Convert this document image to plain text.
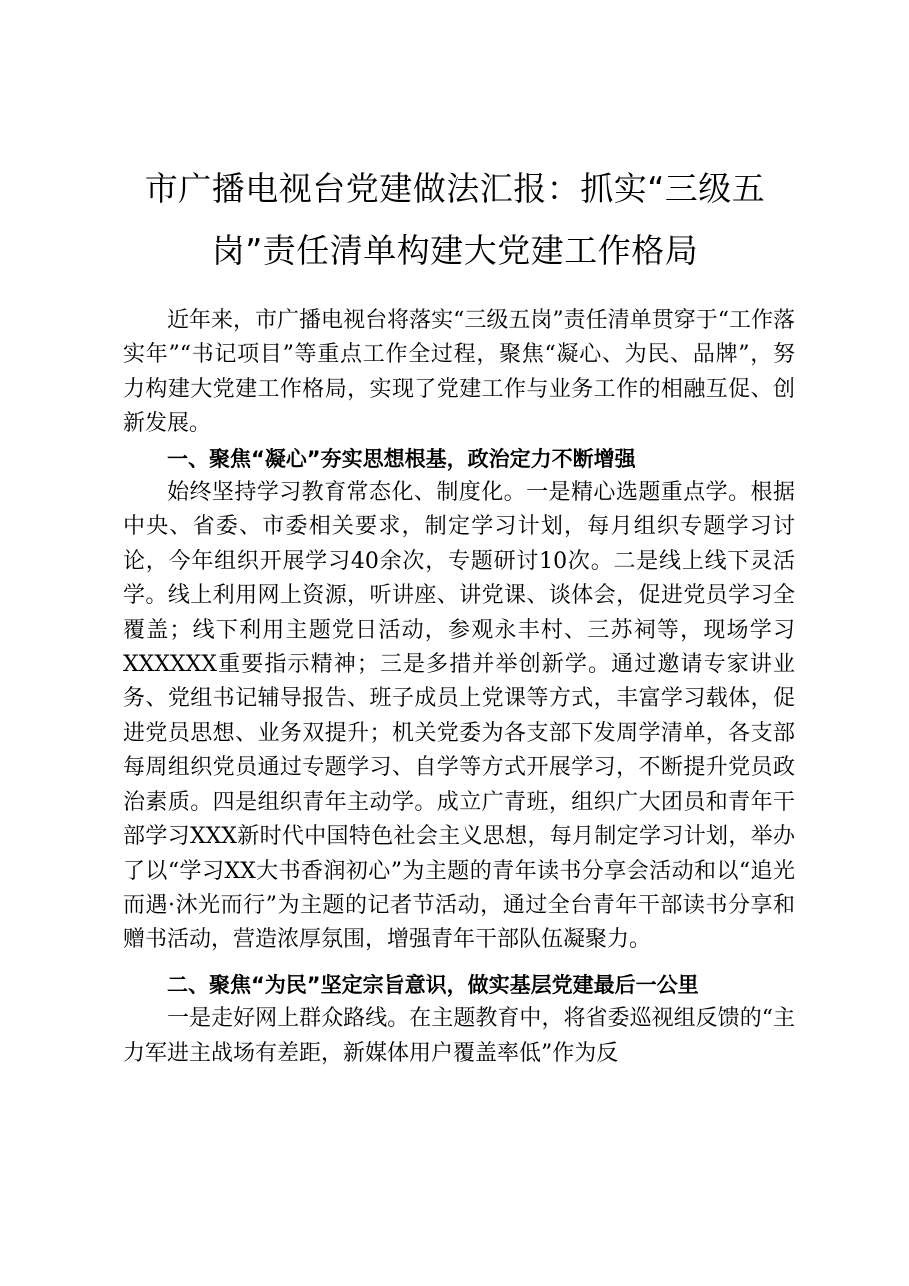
市广播电视台党建做法汇报：抓实“三级五
岗”责任清单构建大党建工作格局

近年来，市广播电视台将落实“三级五岗”责任清单贯穿于“工作落实年”“书记项目”等重点工作全过程，聚焦“凝心、为民、品牌”，努力构建大党建工作格局，实现了党建工作与业务工作的相融互促、创新发展。

一、聚焦“凝心”夯实思想根基，政治定力不断增强

始终坚持学习教育常态化、制度化。一是精心选题重点学。根据中央、省委、市委相关要求，制定学习计划，每月组织专题学习讨论，今年组织开展学习40余次，专题研讨10次。二是线上线下灵活学。线上利用网上资源，听讲座、讲党课、谈体会，促进党员学习全覆盖；线下利用主题党日活动，参观永丰村、三苏祠等，现场学习XXXXXX重要指示精神；三是多措并举创新学。通过邀请专家讲业务、党组书记辅导报告、班子成员上党课等方式，丰富学习载体，促进党员思想、业务双提升；机关党委为各支部下发周学清单，各支部每周组织党员通过专题学习、自学等方式开展学习，不断提升党员政治素质。四是组织青年主动学。成立广青班，组织广大团员和青年干部学习XXX新时代中国特色社会主义思想，每月制定学习计划，举办了以“学习XX大书香润初心”为主题的青年读书分享会活动和以“追光而遇·沐光而行”为主题的记者节活动，通过全台青年干部读书分享和赠书活动，营造浓厚氛围，增强青年干部队伍凝聚力。

二、聚焦“为民”坚定宗旨意识，做实基层党建最后一公里

一是走好网上群众路线。在主题教育中，将省委巡视组反馈的“主力军进主战场有差距，新媒体用户覆盖率低”作为反
